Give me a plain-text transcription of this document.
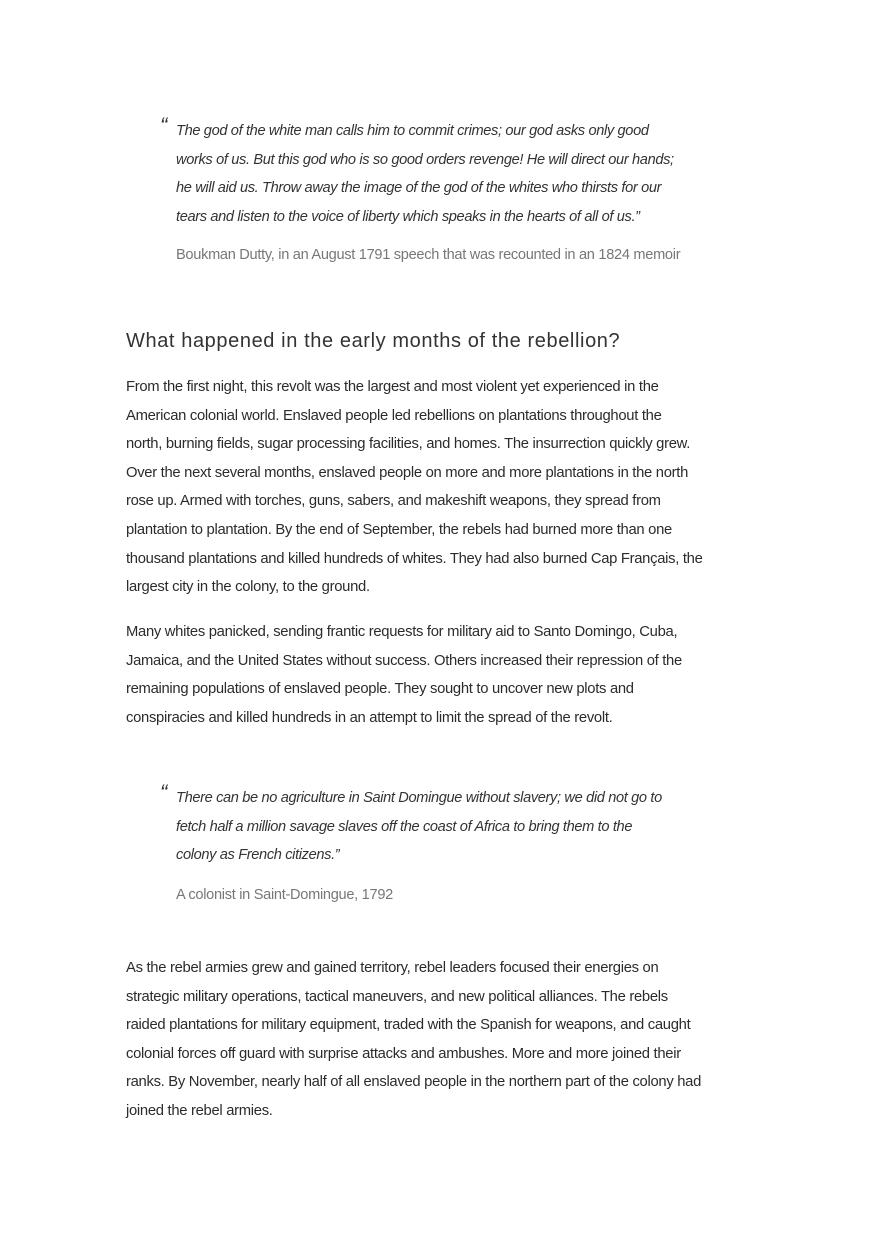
“ The god of the white man calls him to commit crimes; our god asks only good
works of us. But this god who is so good orders revenge! He will direct our hands;
he will aid us. Throw away the image of the god of the whites who thirsts for our
tears and listen to the voice of liberty which speaks in the hearts of all of us.”
Boukman Dutty, in an August 1791 speech that was recounted in an 1824 memoir
What happened in the early months of the rebellion?
From the first night, this revolt was the largest and most violent yet experienced in the
American colonial world. Enslaved people led rebellions on plantations throughout the
north, burning fields, sugar processing facilities, and homes. The insurrection quickly grew.
Over the next several months, enslaved people on more and more plantations in the north
rose up. Armed with torches, guns, sabers, and makeshift weapons, they spread from
plantation to plantation. By the end of September, the rebels had burned more than one
thousand plantations and killed hundreds of whites. They had also burned Cap Français, the
largest city in the colony, to the ground.
Many whites panicked, sending frantic requests for military aid to Santo Domingo, Cuba,
Jamaica, and the United States without success. Others increased their repression of the
remaining populations of enslaved people. They sought to uncover new plots and
conspiracies and killed hundreds in an attempt to limit the spread of the revolt.
“ There can be no agriculture in Saint Domingue without slavery; we did not go to
fetch half a million savage slaves off the coast of Africa to bring them to the
colony as French citizens.”
A colonist in Saint-Domingue, 1792
As the rebel armies grew and gained territory, rebel leaders focused their energies on
strategic military operations, tactical maneuvers, and new political alliances. The rebels
raided plantations for military equipment, traded with the Spanish for weapons, and caught
colonial forces off guard with surprise attacks and ambushes. More and more joined their
ranks. By November, nearly half of all enslaved people in the northern part of the colony had
joined the rebel armies.
